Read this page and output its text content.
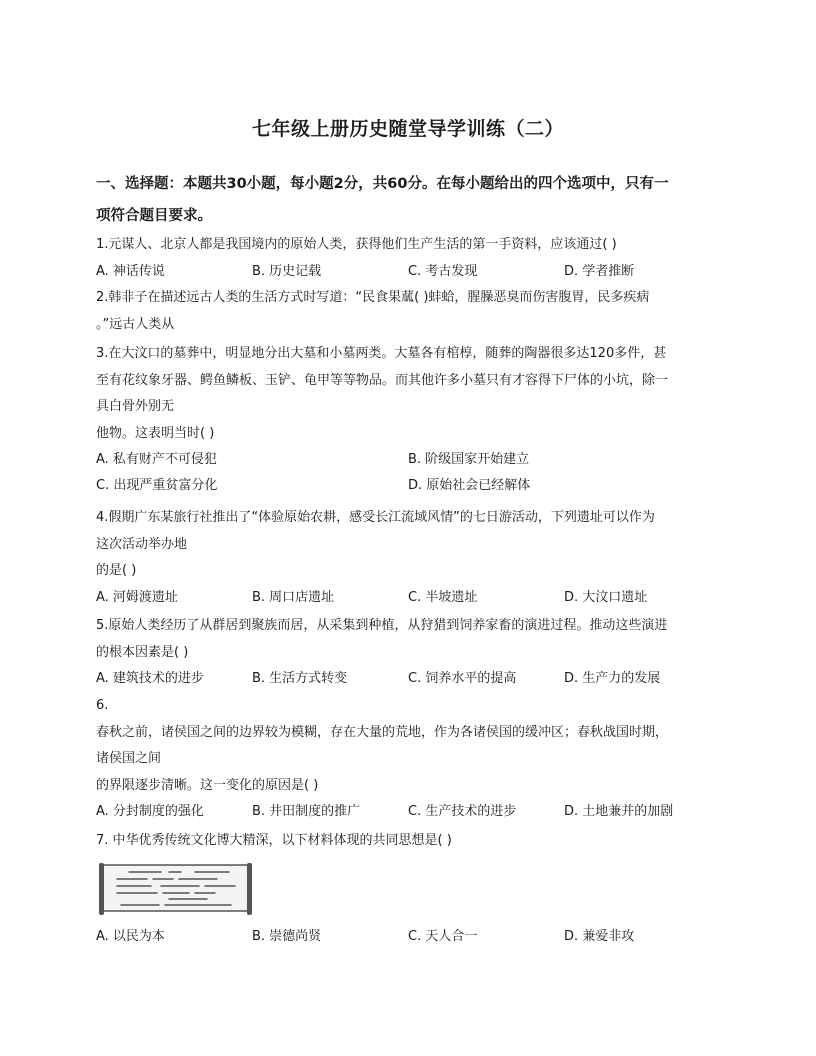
七年级上册历史随堂导学训练（二）
一、选择题：本题共30小题，每小题2分，共60分。在每小题给出的四个选项中，只有一
项符合题目要求。

1.元谋人、北京人都是我国境内的原始人类，获得他们生产生活的第一手资料，应该通过( )

A. 神话传说	B. 历史记载	C. 考古发现	D. 学者推断

2.韩非子在描述远古人类的生活方式时写道：“民食果蓏( )蚌蛤，腥臊恶臭而伤害腹胃，民多疾病

。”远古人类从

3.在大汶口的墓葬中，明显地分出大墓和小墓两类。大墓各有棺椁，随葬的陶器很多达120多件，甚

至有花纹象牙器、鳄鱼鳞板、玉铲、龟甲等等物品。而其他许多小墓只有才容得下尸体的小坑，除一

具白骨外别无

他物。这表明当时( )

A. 私有财产不可侵犯	B. 阶级国家开始建立
C. 出现严重贫富分化	D. 原始社会已经解体

4.假期广东某旅行社推出了“体验原始农耕，感受长江流域风情”的七日游活动，下列遗址可以作为

这次活动举办地

的是( )

A. 河姆渡遗址	B. 周口店遗址	C. 半坡遗址	D. 大汶口遗址

5.原始人类经历了从群居到聚族而居，从采集到种植，从狩猎到饲养家畜的演进过程。推动这些演进

的根本因素是( )

A. 建筑技术的进步	B. 生活方式转变	C. 饲养水平的提高	D. 生产力的发展

6.

春秋之前，诸侯国之间的边界较为模糊，存在大量的荒地，作为各诸侯国的缓冲区；春秋战国时期，

诸侯国之间

的界限逐步清晰。这一变化的原因是( )

A. 分封制度的强化	B. 井田制度的推广	C. 生产技术的进步	D. 土地兼并的加剧

7. 中华优秀传统文化博大精深，以下材料体现的共同思想是( )

A. 以民为本	B. 崇德尚贤	C. 天人合一	D. 兼爱非攻
